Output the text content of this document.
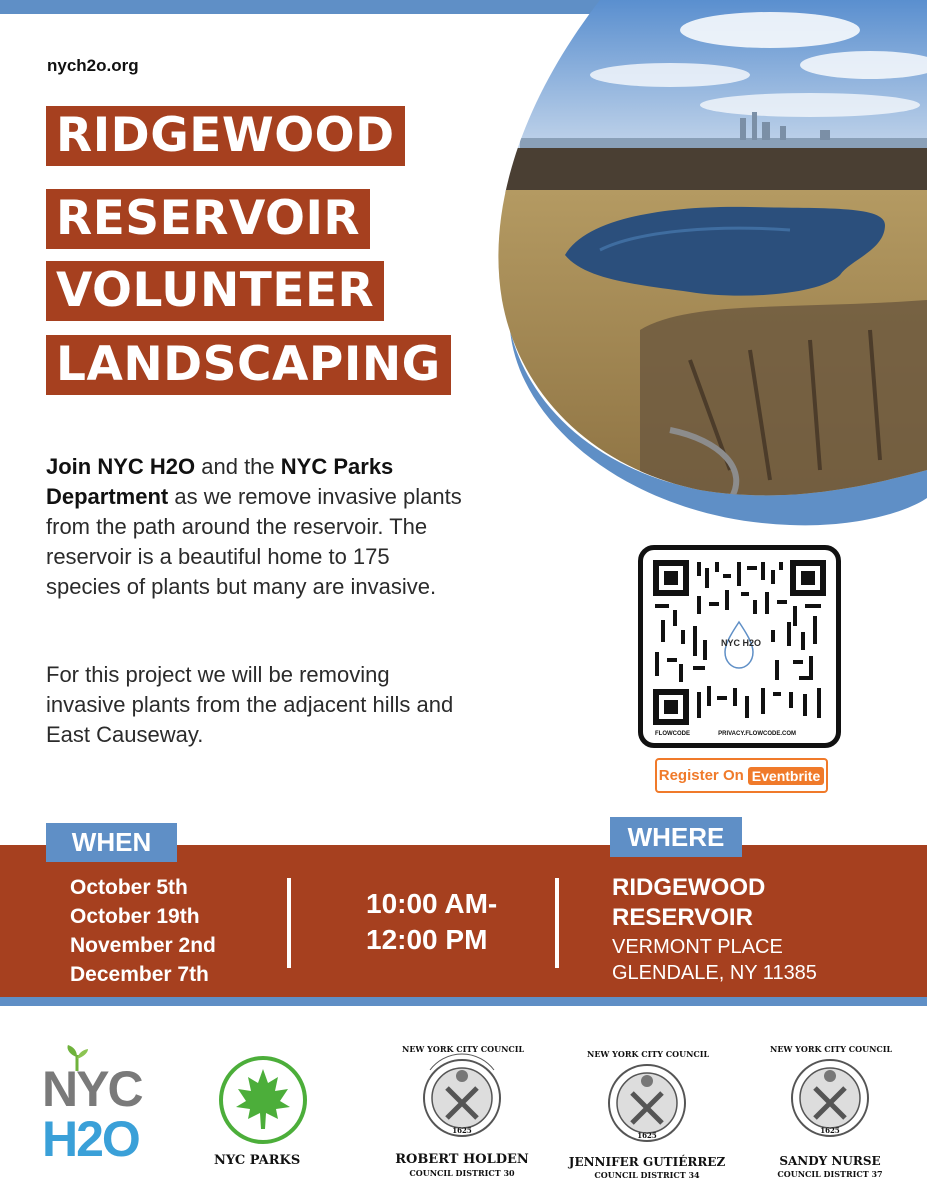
nych2o.org
RIDGEWOOD
RESERVOIR
VOLUNTEER
LANDSCAPING
Join NYC H2O and the NYC Parks Department as we remove invasive plants from the path around the reservoir. The reservoir is a beautiful home to 175 species of plants but many are invasive.
For this project we will be removing invasive plants from the adjacent hills and East Causeway.
NYC H2O
FLOWCODE	PRIVACY.FLOWCODE.COM
Register On Eventbrite
WHEN	WHERE
October 5th
October 19th
November 2nd
December 7th
10:00 AM-
12:00 PM
RIDGEWOOD
RESERVOIR
VERMONT PLACE
GLENDALE, NY 11385
NYC
H2O	NYC PARKS
NEW YORK CITY COUNCIL
1625
ROBERT HOLDEN
COUNCIL DISTRICT 30
NEW YORK CITY COUNCIL
1625
JENNIFER GUTIÉRREZ
COUNCIL DISTRICT 34
NEW YORK CITY COUNCIL
1625
SANDY NURSE
COUNCIL DISTRICT 37
